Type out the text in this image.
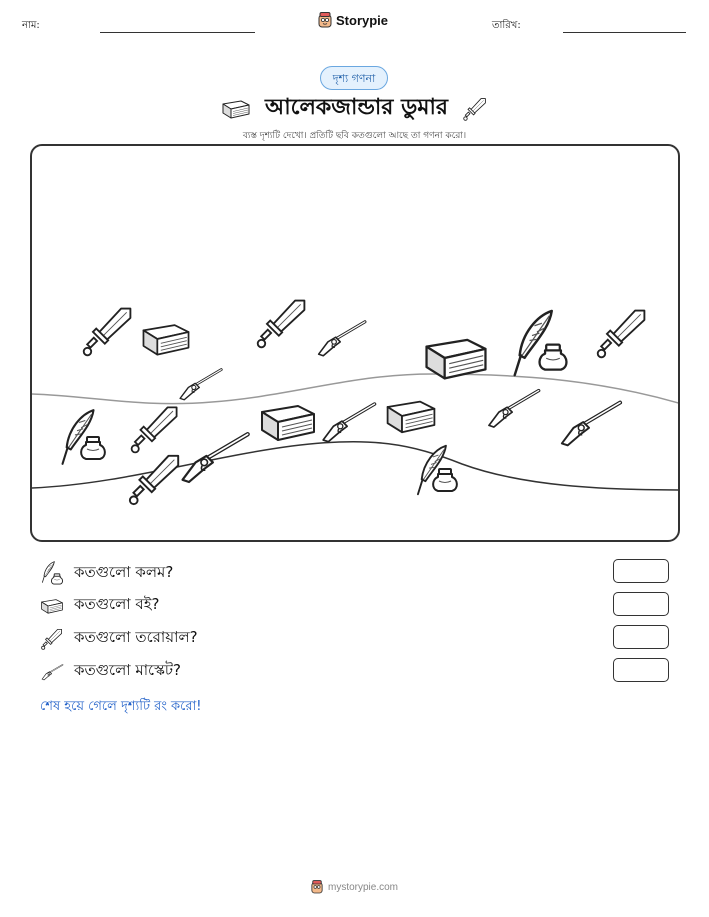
নাম:	Storypie	তারিখ:
দৃশ্য গণনা
আলেকজান্ডার ডুমার
ব্যস্ত দৃশ্যটি দেখো। প্রতিটি ছবি কতগুলো আছে তা গণনা করো।
কতগুলো কলম?
কতগুলো বই?
কতগুলো তরোয়াল?
কতগুলো মাস্কেট?
শেষ হয়ে গেলে দৃশ্যটি রং করো!
mystorypie.com
